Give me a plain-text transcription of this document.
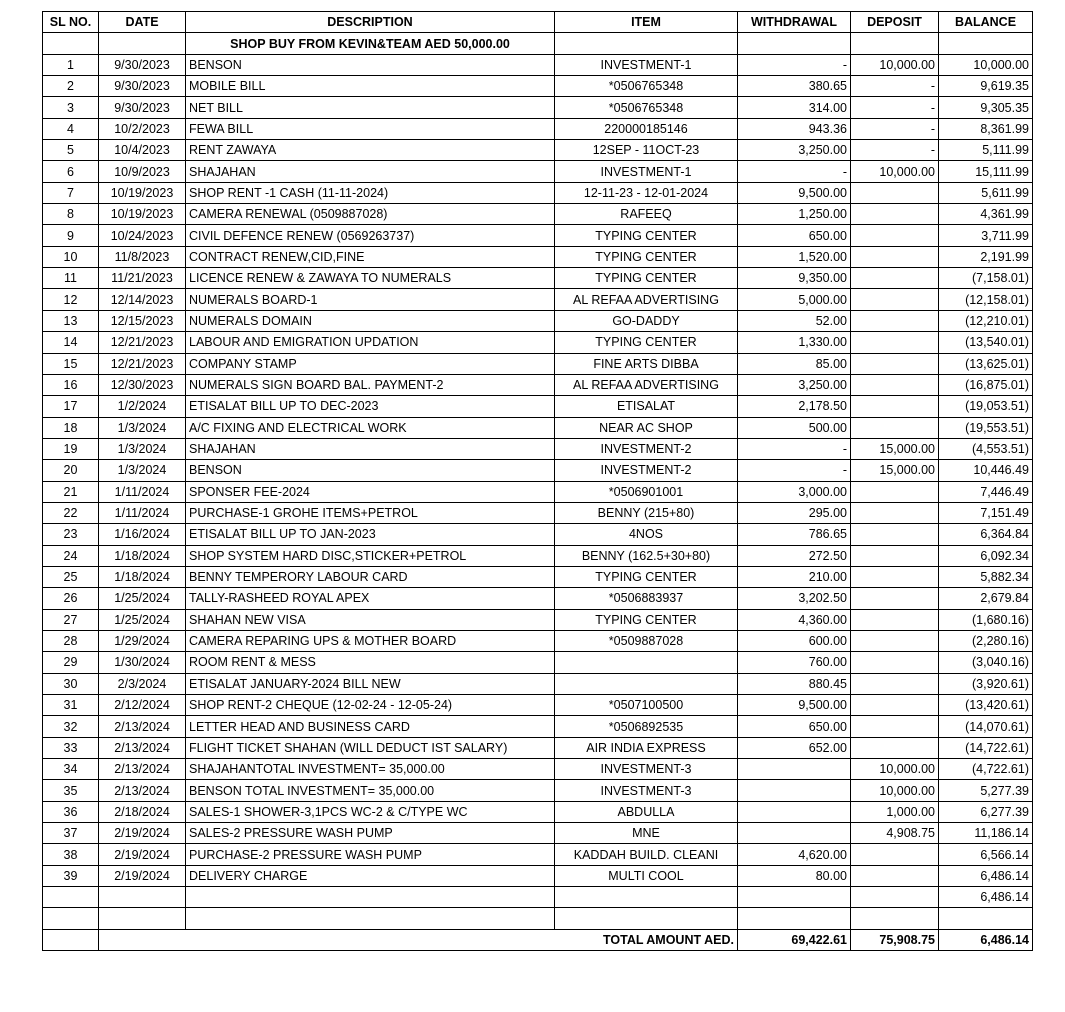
SL NO.	DATE	DESCRIPTION	ITEM	WITHDRAWAL	DEPOSIT	BALANCE
		SHOP BUY FROM KEVIN&TEAM AED 50,000.00				
1	9/30/2023	BENSON	INVESTMENT-1	-	10,000.00	10,000.00
2	9/30/2023	MOBILE BILL	*0506765348	380.65	-	9,619.35
3	9/30/2023	NET BILL	*0506765348	314.00	-	9,305.35
4	10/2/2023	FEWA BILL	220000185146	943.36	-	8,361.99
5	10/4/2023	RENT ZAWAYA	12SEP - 11OCT-23	3,250.00	-	5,111.99
6	10/9/2023	SHAJAHAN	INVESTMENT-1	-	10,000.00	15,111.99
7	10/19/2023	SHOP RENT -1 CASH (11-11-2024)	12-11-23 - 12-01-2024	9,500.00		5,611.99
8	10/19/2023	CAMERA RENEWAL (0509887028)	RAFEEQ	1,250.00		4,361.99
9	10/24/2023	CIVIL DEFENCE RENEW (0569263737)	TYPING CENTER	650.00		3,711.99
10	11/8/2023	CONTRACT RENEW,CID,FINE	TYPING CENTER	1,520.00		2,191.99
11	11/21/2023	LICENCE RENEW & ZAWAYA TO NUMERALS	TYPING CENTER	9,350.00		(7,158.01)
12	12/14/2023	NUMERALS BOARD-1	AL REFAA ADVERTISING	5,000.00		(12,158.01)
13	12/15/2023	NUMERALS DOMAIN	GO-DADDY	52.00		(12,210.01)
14	12/21/2023	LABOUR AND EMIGRATION UPDATION	TYPING CENTER	1,330.00		(13,540.01)
15	12/21/2023	COMPANY STAMP	FINE ARTS DIBBA	85.00		(13,625.01)
16	12/30/2023	NUMERALS SIGN BOARD BAL. PAYMENT-2	AL REFAA ADVERTISING	3,250.00		(16,875.01)
17	1/2/2024	ETISALAT BILL UP TO DEC-2023	ETISALAT	2,178.50		(19,053.51)
18	1/3/2024	A/C FIXING AND ELECTRICAL WORK	NEAR AC SHOP	500.00		(19,553.51)
19	1/3/2024	SHAJAHAN	INVESTMENT-2	-	15,000.00	(4,553.51)
20	1/3/2024	BENSON	INVESTMENT-2	-	15,000.00	10,446.49
21	1/11/2024	SPONSER FEE-2024	*0506901001	3,000.00		7,446.49
22	1/11/2024	PURCHASE-1 GROHE ITEMS+PETROL	BENNY (215+80)	295.00		7,151.49
23	1/16/2024	ETISALAT BILL UP TO JAN-2023	4NOS	786.65		6,364.84
24	1/18/2024	SHOP SYSTEM HARD DISC,STICKER+PETROL	BENNY (162.5+30+80)	272.50		6,092.34
25	1/18/2024	BENNY TEMPERORY LABOUR CARD	TYPING CENTER	210.00		5,882.34
26	1/25/2024	TALLY-RASHEED ROYAL APEX	*0506883937	3,202.50		2,679.84
27	1/25/2024	SHAHAN NEW VISA	TYPING CENTER	4,360.00		(1,680.16)
28	1/29/2024	CAMERA REPARING UPS & MOTHER BOARD	*0509887028	600.00		(2,280.16)
29	1/30/2024	ROOM RENT & MESS		760.00		(3,040.16)
30	2/3/2024	ETISALAT JANUARY-2024 BILL NEW		880.45		(3,920.61)
31	2/12/2024	SHOP RENT-2 CHEQUE (12-02-24 - 12-05-24)	*0507100500	9,500.00		(13,420.61)
32	2/13/2024	LETTER HEAD AND BUSINESS CARD	*0506892535	650.00		(14,070.61)
33	2/13/2024	FLIGHT TICKET SHAHAN (WILL DEDUCT IST SALARY)	AIR INDIA EXPRESS	652.00		(14,722.61)
34	2/13/2024	SHAJAHANTOTAL INVESTMENT= 35,000.00	INVESTMENT-3		10,000.00	(4,722.61)
35	2/13/2024	BENSON TOTAL INVESTMENT= 35,000.00	INVESTMENT-3		10,000.00	5,277.39
36	2/18/2024	SALES-1 SHOWER-3,1PCS WC-2 & C/TYPE WC	ABDULLA		1,000.00	6,277.39
37	2/19/2024	SALES-2 PRESSURE WASH PUMP	MNE		4,908.75	11,186.14
38	2/19/2024	PURCHASE-2 PRESSURE WASH PUMP	KADDAH BUILD. CLEANI	4,620.00		6,566.14
39	2/19/2024	DELIVERY CHARGE	MULTI COOL	80.00		6,486.14
						6,486.14

	TOTAL AMOUNT AED.			69,422.61	75,908.75	6,486.14
